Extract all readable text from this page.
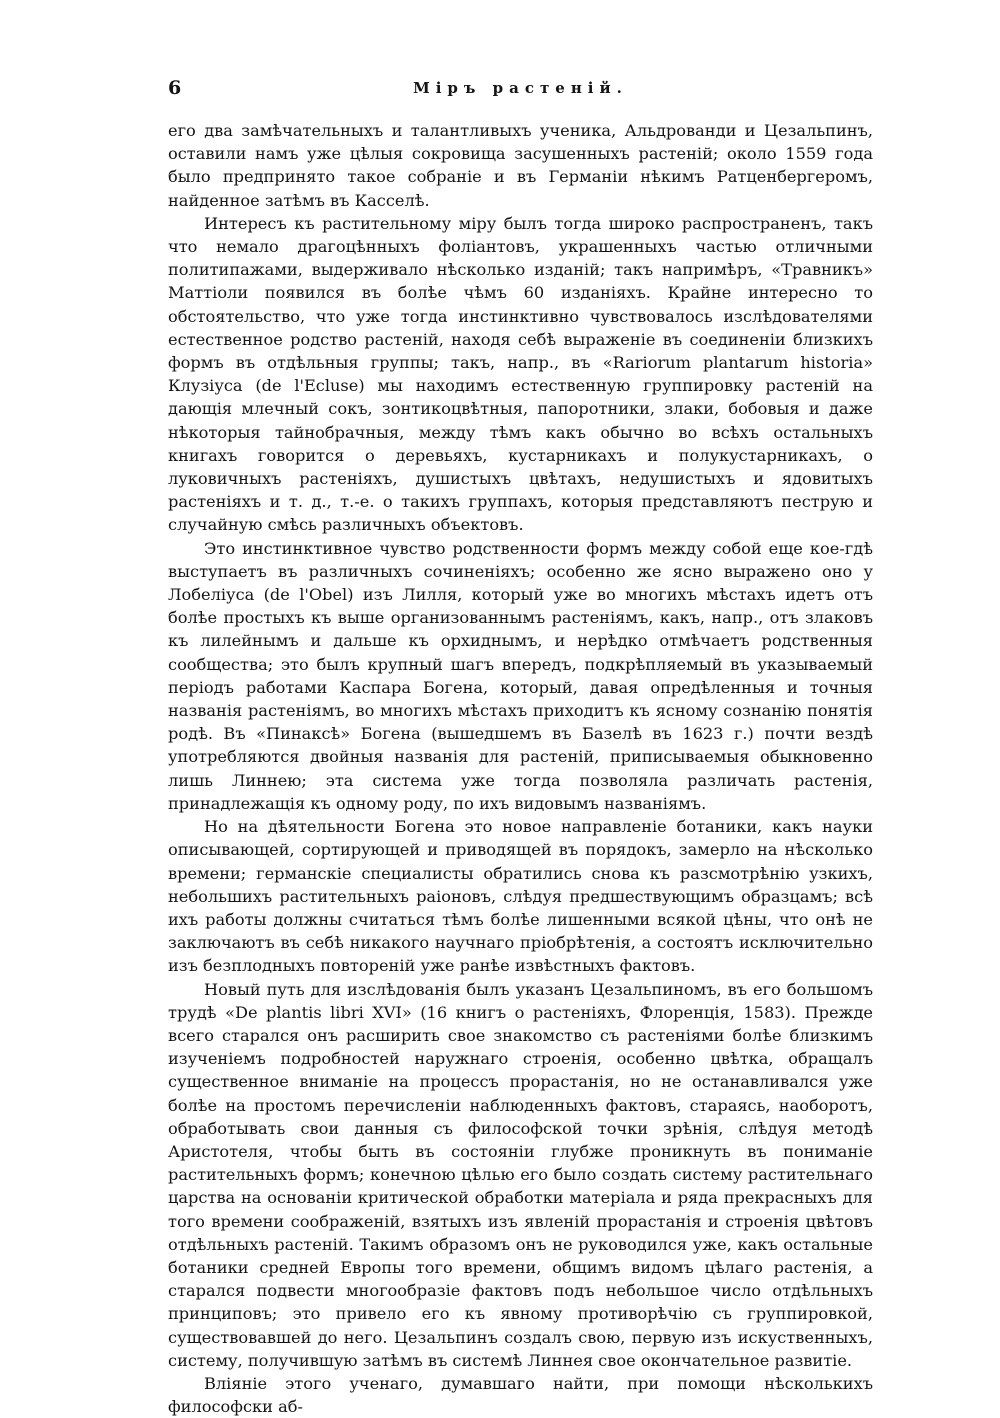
6	Міръ растеній.

его два замѣчательныхъ и талантливыхъ ученика, Альдрованди и Цезальпинъ, оставили намъ уже цѣлыя сокровища засушенныхъ растеній; около 1559 года было предпринято такое собраніе и въ Германіи нѣкимъ Ратценбергеромъ, найденное затѣмъ въ Касселѣ.

Интересъ къ растительному міру былъ тогда широко распространенъ, такъ что немало драгоцѣнныхъ фоліантовъ, украшенныхъ частью отличными политипажами, выдерживало нѣсколько изданій; такъ напримѣръ, «Травникъ» Маттіоли появился въ болѣе чѣмъ 60 изданіяхъ. Крайне интересно то обстоятельство, что уже тогда инстинктивно чувствовалось изслѣдователями естественное родство растеній, находя себѣ выраженіе въ соединеніи близкихъ формъ въ отдѣльныя группы; такъ, напр., въ «Rariorum plantarum historia» Клузіуса (de l'Ecluse) мы находимъ естественную группировку растеній на дающія млечный сокъ, зонтикоцвѣтныя, папоротники, злаки, бобовыя и даже нѣкоторыя тайнобрачныя, между тѣмъ какъ обычно во всѣхъ остальныхъ книгахъ говорится о деревьяхъ, кустарникахъ и полукустарникахъ, о луковичныхъ растеніяхъ, душистыхъ цвѣтахъ, недушистыхъ и ядовитыхъ растеніяхъ и т. д., т.-е. о такихъ группахъ, которыя представляютъ пеструю и случайную смѣсь различныхъ объектовъ.

Это инстинктивное чувство родственности формъ между собой еще кое-гдѣ выступаетъ въ различныхъ сочиненіяхъ; особенно же ясно выражено оно у Лобеліуса (de l'Obel) изъ Лилля, который уже во многихъ мѣстахъ идетъ отъ болѣе простыхъ къ выше организованнымъ растеніямъ, какъ, напр., отъ злаковъ къ лилейнымъ и дальше къ орхиднымъ, и нерѣдко отмѣчаетъ родственныя сообщества; это былъ крупный шагъ впередъ, подкрѣпляемый въ указываемый періодъ работами Каспара Богена, который, давая опредѣленныя и точныя названія растеніямъ, во многихъ мѣстахъ приходитъ къ ясному сознанію понятія родѣ. Въ «Пинаксѣ» Богена (вышедшемъ въ Базелѣ въ 1623 г.) почти вездѣ употребляются двойныя названія для растеній, приписываемыя обыкновенно лишь Линнею; эта система уже тогда позволяла различать растенія, принадлежащія къ одному роду, по ихъ видовымъ названіямъ.

Но на дѣятельности Богена это новое направленіе ботаники, какъ науки описывающей, сортирующей и приводящей въ порядокъ, замерло на нѣсколько времени; германскіе специалисты обратились снова къ разсмотрѣнію узкихъ, небольшихъ растительныхъ раіоновъ, слѣдуя предшествующимъ образцамъ; всѣ ихъ работы должны считаться тѣмъ болѣе лишенными всякой цѣны, что онѣ не заключаютъ въ себѣ никакого научнаго пріобрѣтенія, а состоятъ исключительно изъ безплодныхъ повтореній уже ранѣе извѣстныхъ фактовъ.

Новый путь для изслѣдованія былъ указанъ Цезальпиномъ, въ его большомъ трудѣ «De plantis libri XVI» (16 книгъ о растеніяхъ, Флоренція, 1583). Прежде всего старался онъ расширить свое знакомство съ растеніями болѣе близкимъ изученіемъ подробностей наружнаго строенія, особенно цвѣтка, обращалъ существенное вниманіе на процессъ прорастанія, но не останавливался уже болѣе на простомъ перечисленіи наблюденныхъ фактовъ, стараясь, наоборотъ, обработывать свои данныя съ философской точки зрѣнія, слѣдуя методѣ Аристотеля, чтобы быть въ состояніи глубже проникнуть въ пониманіе растительныхъ формъ; конечною цѣлью его было создать систему растительнаго царства на основаніи критической обработки матеріала и ряда прекрасныхъ для того времени соображеній, взятыхъ изъ явленій прорастанія и строенія цвѣтовъ отдѣльныхъ растеній. Такимъ образомъ онъ не руководился уже, какъ остальные ботаники средней Европы того времени, общимъ видомъ цѣлаго растенія, а старался подвести многообразіе фактовъ подъ небольшое число отдѣльныхъ принциповъ; это привело его къ явному противорѣчію съ группировкой, существовавшей до него. Цезальпинъ создалъ свою, первую изъ искуственныхъ, систему, получившую затѣмъ въ системѣ Линнея свое окончательное развитіе.

Вліяніе этого ученаго, думавшаго найти, при помощи нѣсколькихъ философски аб-
